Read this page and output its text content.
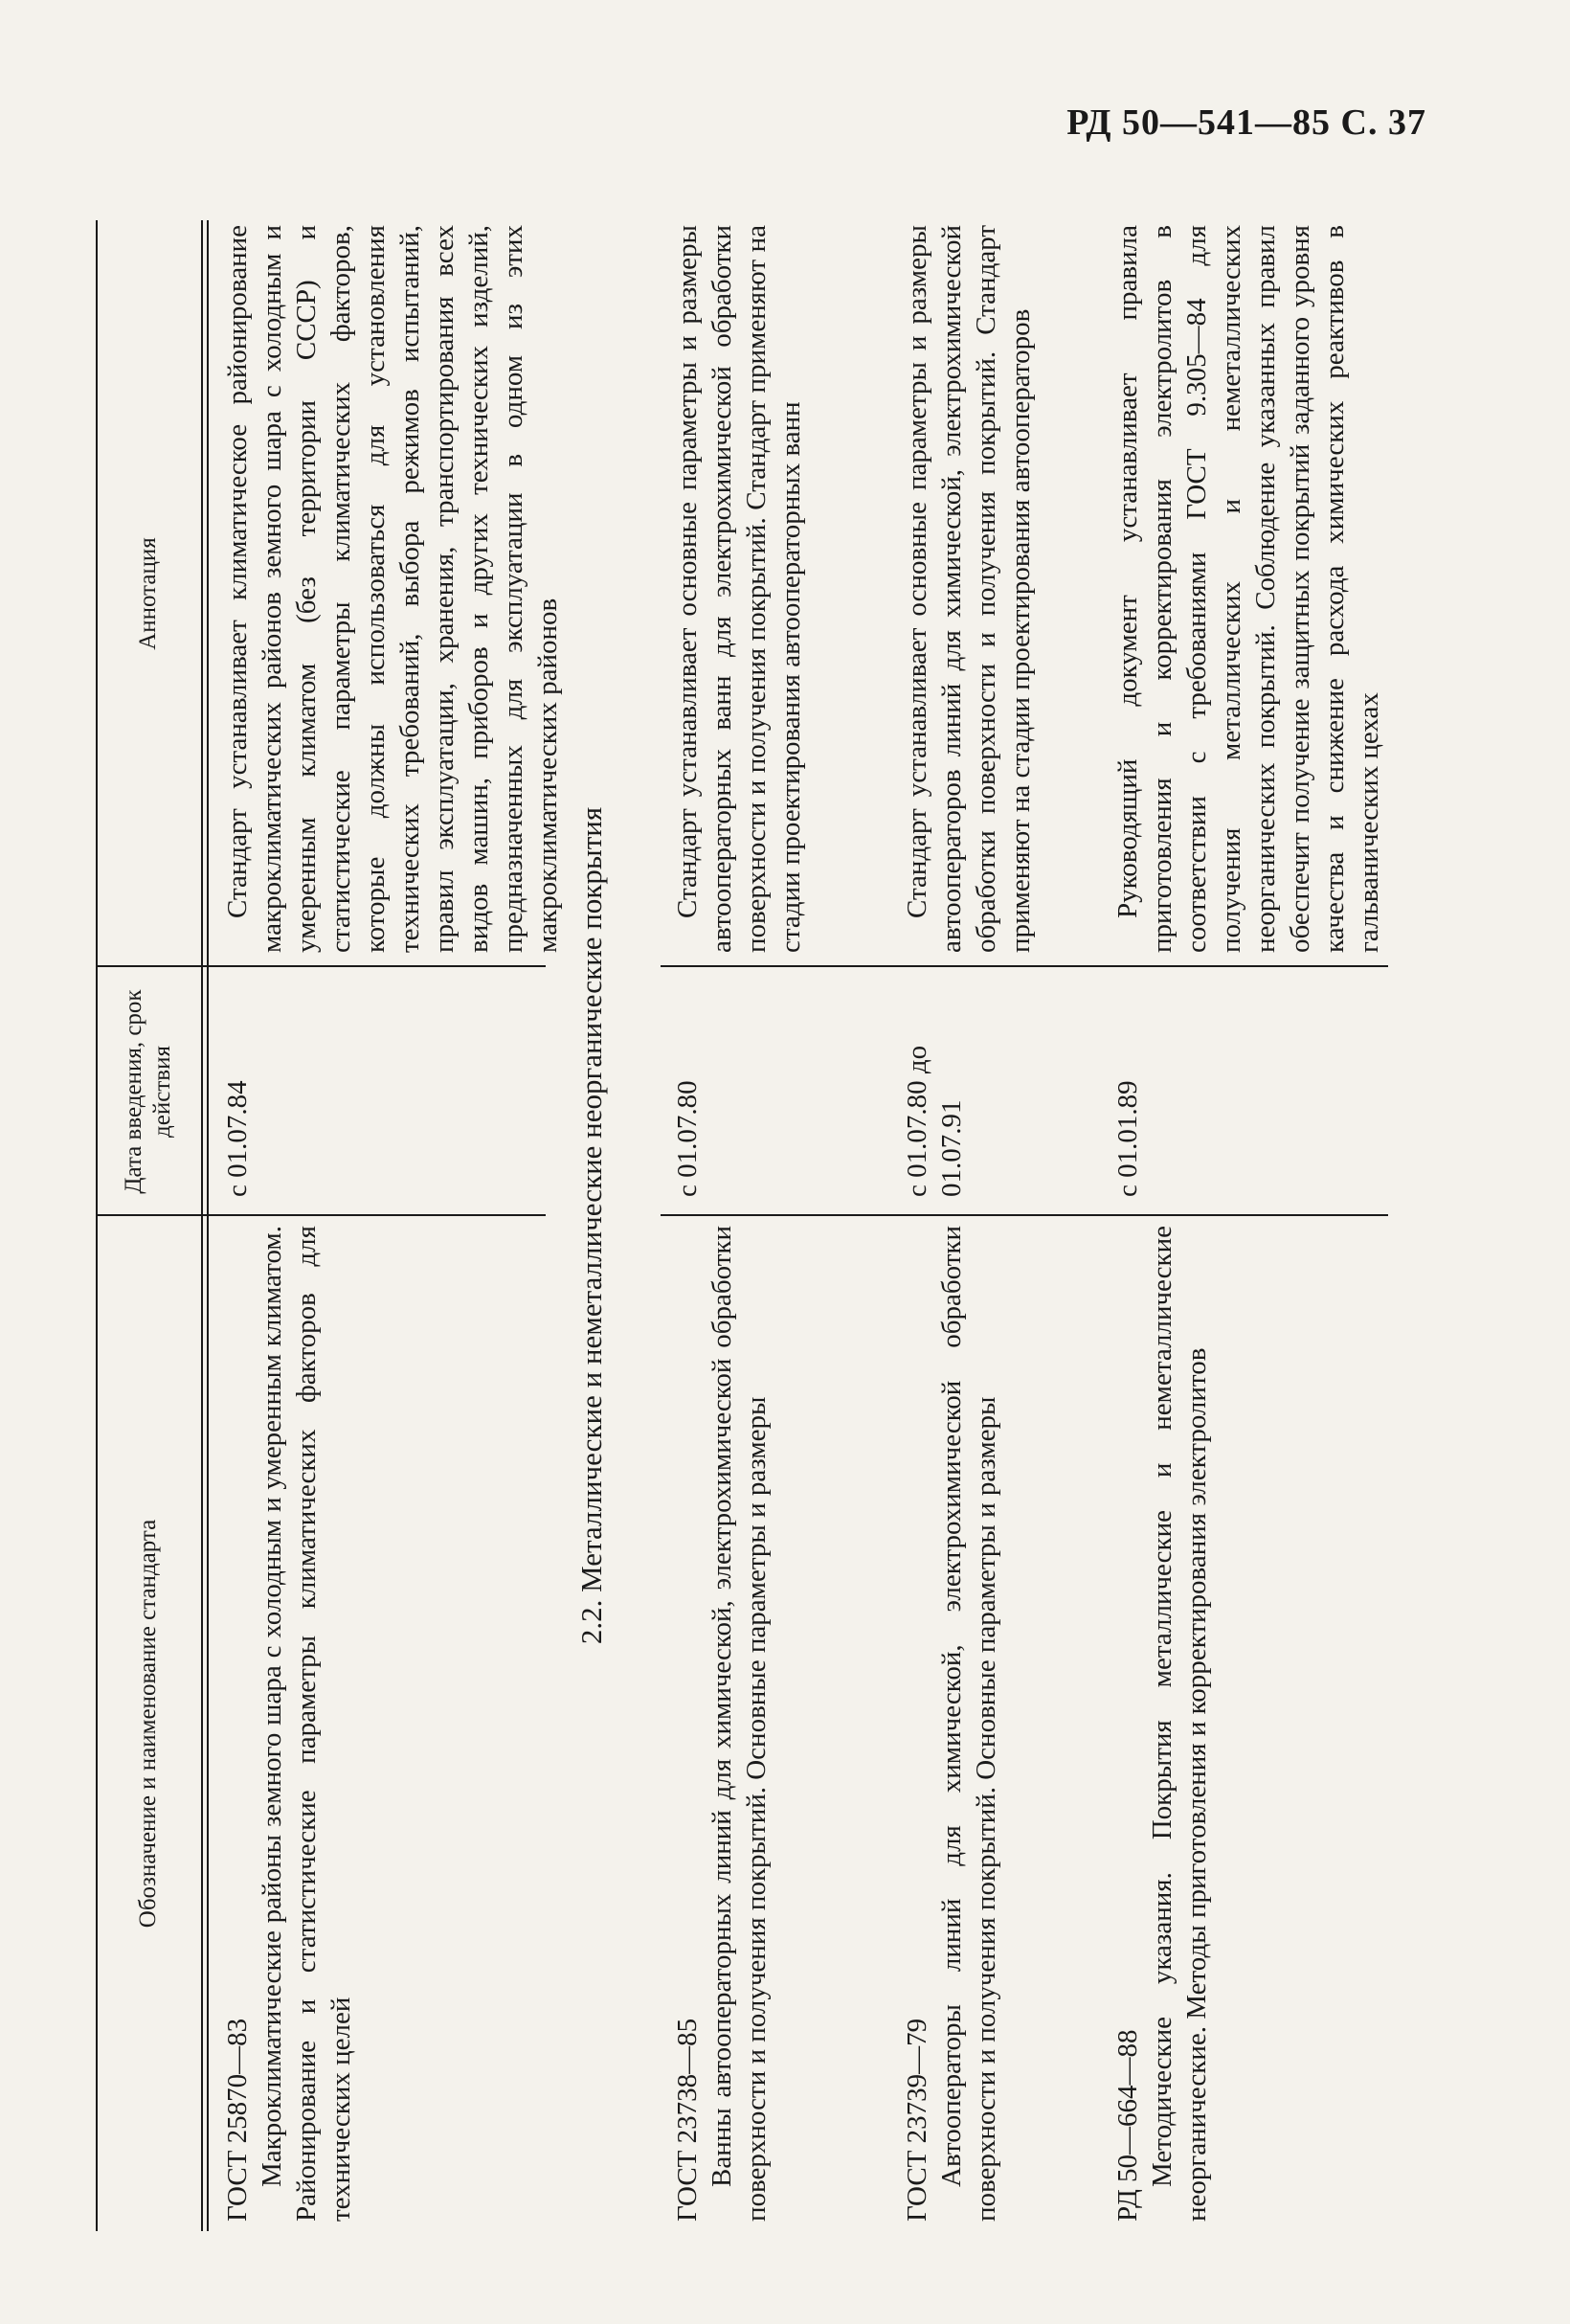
РД 50—541—85 С. 37
Обозначение и наименование стандарта
Дата введения, срок действия
Аннотация
ГОСТ 25870—83 Макроклиматические районы земного шара с холодным и умеренным климатом. Районирование и статистические параметры климатических факторов для технических целей
с 01.07.84
Стандарт устанавливает климатическое районирование макроклиматических районов земного шара с холодным и умеренным климатом (без территории СССР) и статистические параметры климатических факторов, которые должны использоваться для установления технических требований, выбора режимов испытаний, правил эксплуатации, хранения, транспортирования всех видов машин, приборов и других технических изделий, предназначенных для эксплуатации в одном из этих макроклиматических районов
2.2. Металлические и неметаллические неорганические покрытия
ГОСТ 23738—85 Ванны автооператорных линий для химической, электрохимической обработки поверхности и получения покрытий. Основные параметры и размеры
с 01.07.80
Стандарт устанавливает основные параметры и размеры автооператорных ванн для электрохимической обработки поверхности и получения покрытий. Стандарт применяют на стадии проектирования автооператорных ванн
ГОСТ 23739—79 Автооператоры линий для химической, электрохимической обработки поверхности и получения покрытий. Основные параметры и размеры
с 01.07.80 до 01.07.91
Стандарт устанавливает основные параметры и размеры автооператоров линий для химической, электрохимической обработки поверхности и получения покрытий. Стандарт применяют на стадии проектирования автооператоров
РД 50—664—88 Методические указания. Покрытия металлические и неметаллические неорганические. Методы приготовления и корректирования электролитов
с 01.01.89
Руководящий документ устанавливает правила приготовления и корректирования электролитов в соответствии с требованиями ГОСТ 9.305—84 для получения металлических и неметаллических неорганических покрытий. Соблюдение указанных правил обеспечит получение защитных покрытий заданного уровня качества и снижение расхода химических реактивов в гальванических цехах
